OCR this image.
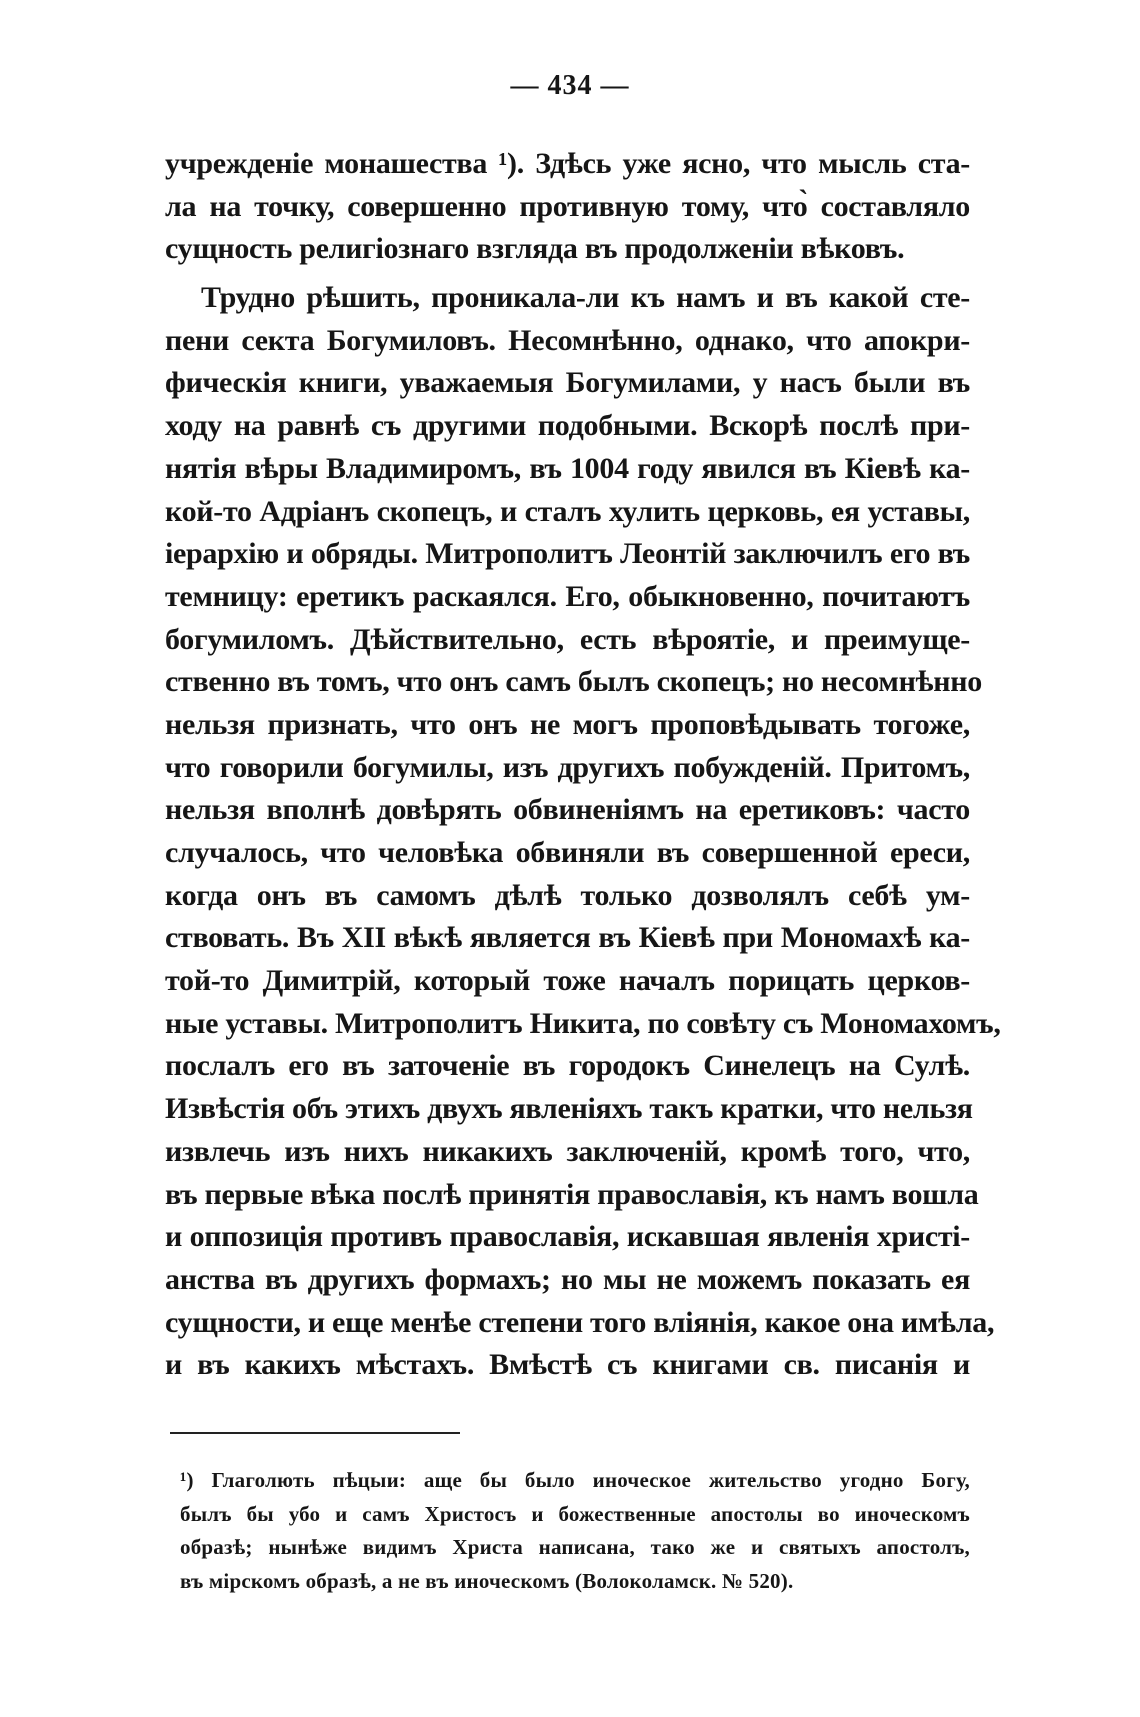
— 434 —
учрежденіе монашества ¹). Здѣсь уже ясно, что мысль ста-
ла на точку, совершенно противную тому, что̀ составляло
сущность религіознаго взгляда въ продолженіи вѣковъ.
Трудно рѣшить, проникала-ли къ намъ и въ какой сте-
пени секта Богумиловъ. Несомнѣнно, однако, что апокри-
фическія книги, уважаемыя Богумилами, у насъ были въ
ходу на равнѣ съ другими подобными. Вскорѣ послѣ при-
нятія вѣры Владимиромъ, въ 1004 году явился въ Кіевѣ ка-
кой-то Адріанъ скопецъ, и сталъ хулить церковь, ея уставы,
іерархію и обряды. Митрополитъ Леонтій заключилъ его въ
темницу: еретикъ раскаялся. Его, обыкновенно, почитаютъ
богумиломъ. Дѣйствительно, есть вѣроятіе, и преимуще-
ственно въ томъ, что онъ самъ былъ скопецъ; но несомнѣнно
нельзя признать, что онъ не могъ проповѣдывать тогоже,
что говорили богумилы, изъ другихъ побужденій. Притомъ,
нельзя вполнѣ довѣрять обвиненіямъ на еретиковъ: часто
случалось, что человѣка обвиняли въ совершенной ереси,
когда онъ въ самомъ дѣлѣ только дозволялъ себѣ ум-
ствовать. Въ XII вѣкѣ является въ Кіевѣ при Мономахѣ ка-
той-то Димитрій, который тоже началъ порицать церков-
ные уставы. Митрополитъ Никита, по совѣту съ Мономахомъ,
послалъ его въ заточеніе въ городокъ Синелецъ на Сулѣ.
Извѣстія объ этихъ двухъ явленіяхъ такъ кратки, что нельзя
извлечь изъ нихъ никакихъ заключеній, кромѣ того, что,
въ первые вѣка послѣ принятія православія, къ намъ вошла
и оппозиція противъ православія, искавшая явленія христі-
анства въ другихъ формахъ; но мы не можемъ показать ея
сущности, и еще менѣе степени того вліянія, какое она имѣла,
и въ какихъ мѣстахъ. Вмѣстѣ съ книгами св. писанія и
¹) Глаголють пѣцыи: аще бы было иноческое жительство угодно Богу,
былъ бы убо и самъ Христосъ и божественные апостолы во иноческомъ
образѣ; нынѣже видимъ Христа написана, тако же и святыхъ апостолъ,
въ мірскомъ образѣ, а не въ иноческомъ (Волоколамск. № 520).
